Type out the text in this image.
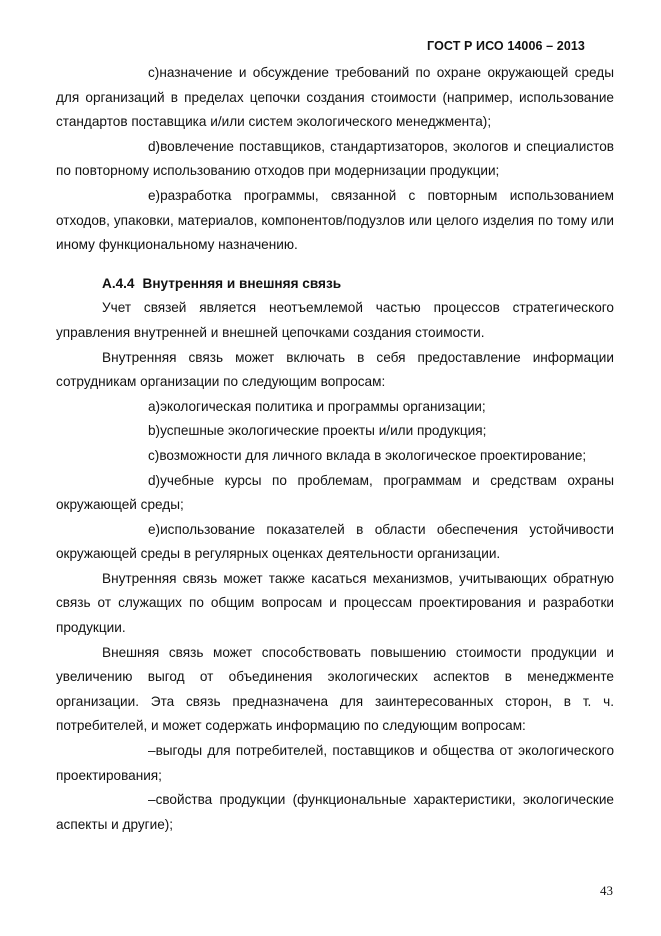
ГОСТ Р ИСО 14006 – 2013

c)назначение и обсуждение требований по охране окружающей среды для организаций в пределах цепочки создания стоимости (например, использование стандартов поставщика и/или систем экологического менеджмента);

d)вовлечение поставщиков, стандартизаторов, экологов и специалистов по повторному использованию отходов при модернизации продукции;

e)разработка программы, связанной с повторным использованием отходов, упаковки, материалов, компонентов/подузлов или целого изделия по тому или иному функциональному назначению.

А.4.4 Внутренняя и внешняя связь

Учет связей является неотъемлемой частью процессов стратегического управления внутренней и внешней цепочками создания стоимости.

Внутренняя связь может включать в себя предоставление информации сотрудникам организации по следующим вопросам:

a)экологическая политика и программы организации;

b)успешные экологические проекты и/или продукция;

c)возможности для личного вклада в экологическое проектирование;

d)учебные курсы по проблемам, программам и средствам охраны окружающей среды;

e)использование показателей в области обеспечения устойчивости окружающей среды в регулярных оценках деятельности организации.

Внутренняя связь может также касаться механизмов, учитывающих обратную связь от служащих по общим вопросам и процессам проектирования и разработки продукции.

Внешняя связь может способствовать повышению стоимости продукции и увеличению выгод от объединения экологических аспектов в менеджменте организации. Эта связь предназначена для заинтересованных сторон, в т. ч. потребителей, и может содержать информацию по следующим вопросам:

–выгоды для потребителей, поставщиков и общества от экологического проектирования;

–свойства продукции (функциональные характеристики, экологические аспекты и другие);

43
